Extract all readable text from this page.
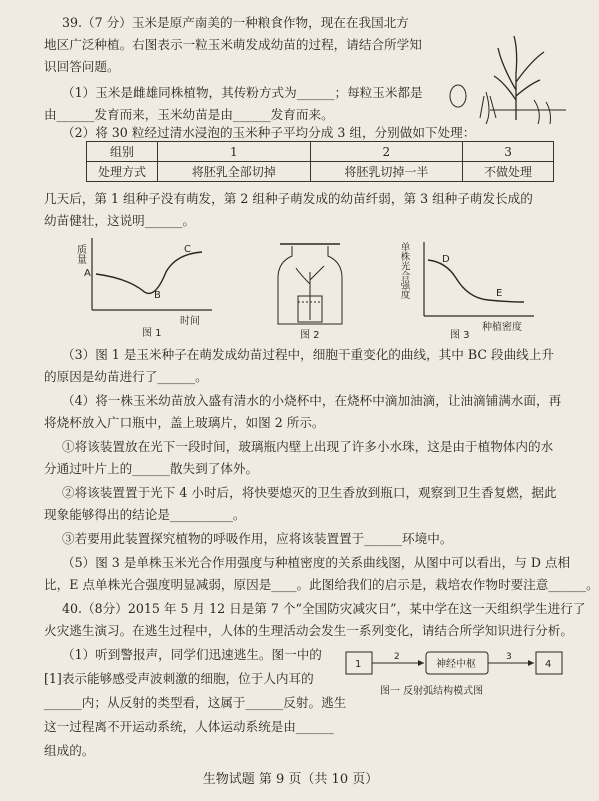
39.（7 分）玉米是原产南美的一种粮食作物，现在在我国北方
地区广泛种植。右图表示一粒玉米萌发成幼苗的过程，请结合所学知
识回答问题。
（1）玉米是雌雄同株植物，其传粉方式为______；每粒玉米都是
由______发育而来，玉米幼苗是由______发育而来。
（2）将 30 粒经过清水浸泡的玉米种子平均分成 3 组，分别做如下处理：
组别	1	2	3
处理方式	将胚乳全部切掉	将胚乳切掉一半	不做处理
几天后，第 1 组种子没有萌发，第 2 组种子萌发成的幼苗纤弱，第 3 组种子萌发长成的
幼苗健壮，这说明______。
质量
时间
A
B
C
图 1	图 2
单株光合强度
种植密度
D
E
图 3
（3）图 1 是玉米种子在萌发成幼苗过程中，细胞干重变化的曲线，其中 BC 段曲线上升
的原因是幼苗进行了______。
（4）将一株玉米幼苗放入盛有清水的小烧杯中，在烧杯中滴加油滴，让油滴铺满水面，再
将烧杯放入广口瓶中，盖上玻璃片，如图 2 所示。
①将该装置放在光下一段时间，玻璃瓶内壁上出现了许多小水珠，这是由于植物体内的水
分通过叶片上的______散失到了体外。
②将该装置置于光下 4 小时后，将快要熄灭的卫生香放到瓶口，观察到卫生香复燃，据此
现象能够得出的结论是__________。
③若要用此装置探究植物的呼吸作用，应将该装置置于______环境中。
（5）图 3 是单株玉米光合作用强度与种植密度的关系曲线图，从图中可以看出，与 D 点相
比，E 点单株光合强度明显减弱，原因是____。此图给我们的启示是，栽培农作物时要注意______。
40.（8分）2015 年 5 月 12 日是第 7 个“全国防灾减灾日”，某中学在这一天组织学生进行了
火灾逃生演习。在逃生过程中，人体的生理活动会发生一系列变化，请结合所学知识进行分析。
（1）听到警报声，同学们迅速逃生。图一中的
[1]表示能够感受声波刺激的细胞，位于人内耳的
______内；从反射的类型看，这属于______反射。逃生
这一过程离不开运动系统，人体运动系统是由______
组成的。
1
2
神经中枢
3
4
图一 反射弧结构模式图
生物试题 第 9 页（共 10 页）
